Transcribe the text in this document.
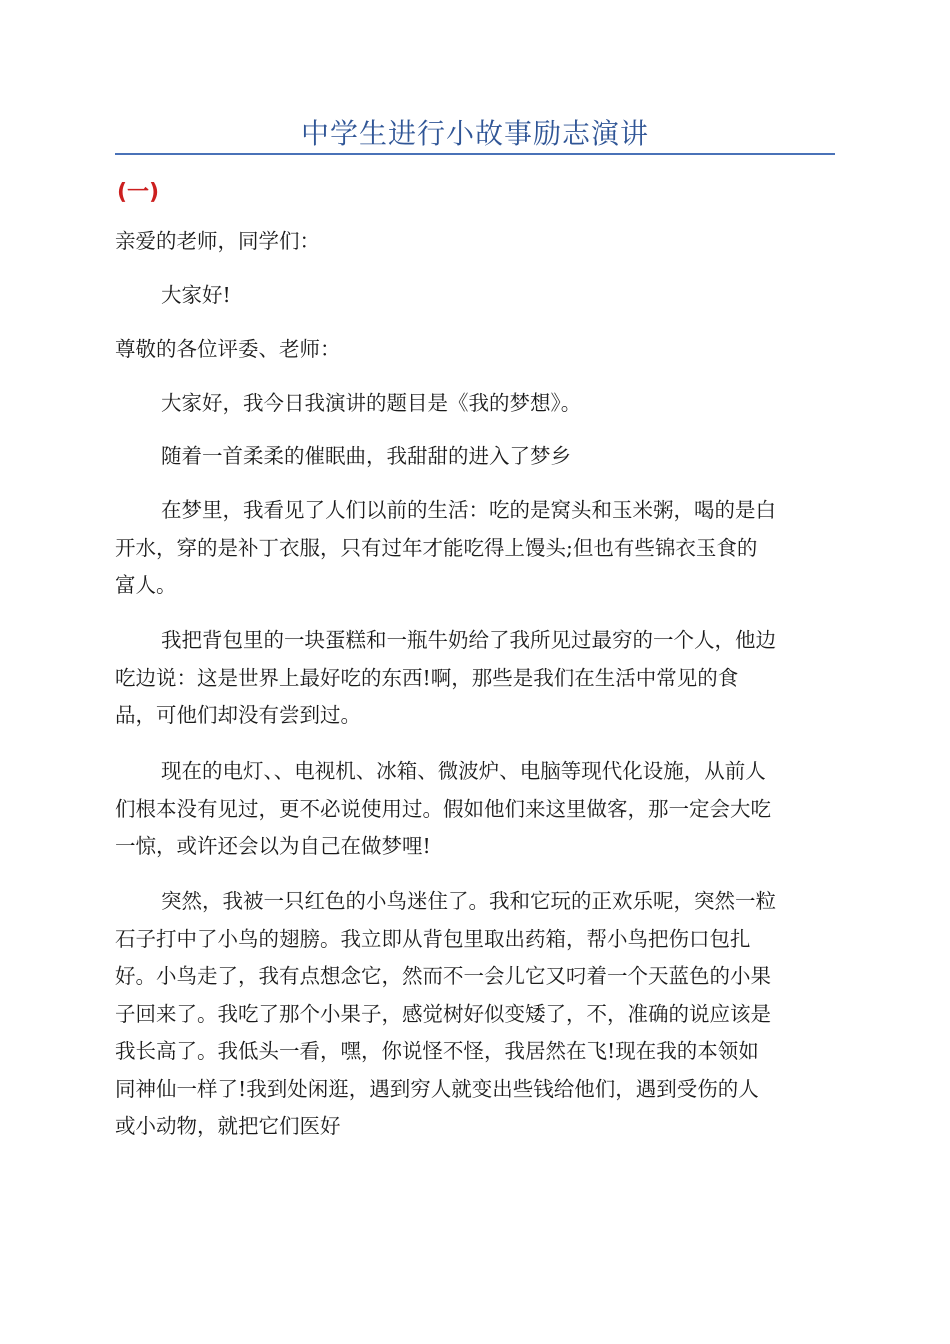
中学生进行小故事励志演讲
(一)

亲爱的老师，同学们：

大家好!

尊敬的各位评委、老师：

大家好，我今日我演讲的题目是《我的梦想》。

随着一首柔柔的催眠曲，我甜甜的进入了梦乡

在梦里，我看见了人们以前的生活：吃的是窝头和玉米粥，喝的是白
开水，穿的是补丁衣服，只有过年才能吃得上馒头;但也有些锦衣玉食的
富人。

我把背包里的一块蛋糕和一瓶牛奶给了我所见过最穷的一个人，他边
吃边说：这是世界上最好吃的东西!啊，那些是我们在生活中常见的食
品，可他们却没有尝到过。

现在的电灯、、电视机、冰箱、微波炉、电脑等现代化设施，从前人
们根本没有见过，更不必说使用过。假如他们来这里做客，那一定会大吃
一惊，或许还会以为自己在做梦哩!

突然，我被一只红色的小鸟迷住了。我和它玩的正欢乐呢，突然一粒
石子打中了小鸟的翅膀。我立即从背包里取出药箱，帮小鸟把伤口包扎
好。小鸟走了，我有点想念它，然而不一会儿它又叼着一个天蓝色的小果
子回来了。我吃了那个小果子，感觉树好似变矮了，不，准确的说应该是
我长高了。我低头一看，嘿，你说怪不怪，我居然在飞!现在我的本领如
同神仙一样了!我到处闲逛，遇到穷人就变出些钱给他们，遇到受伤的人
或小动物，就把它们医好
